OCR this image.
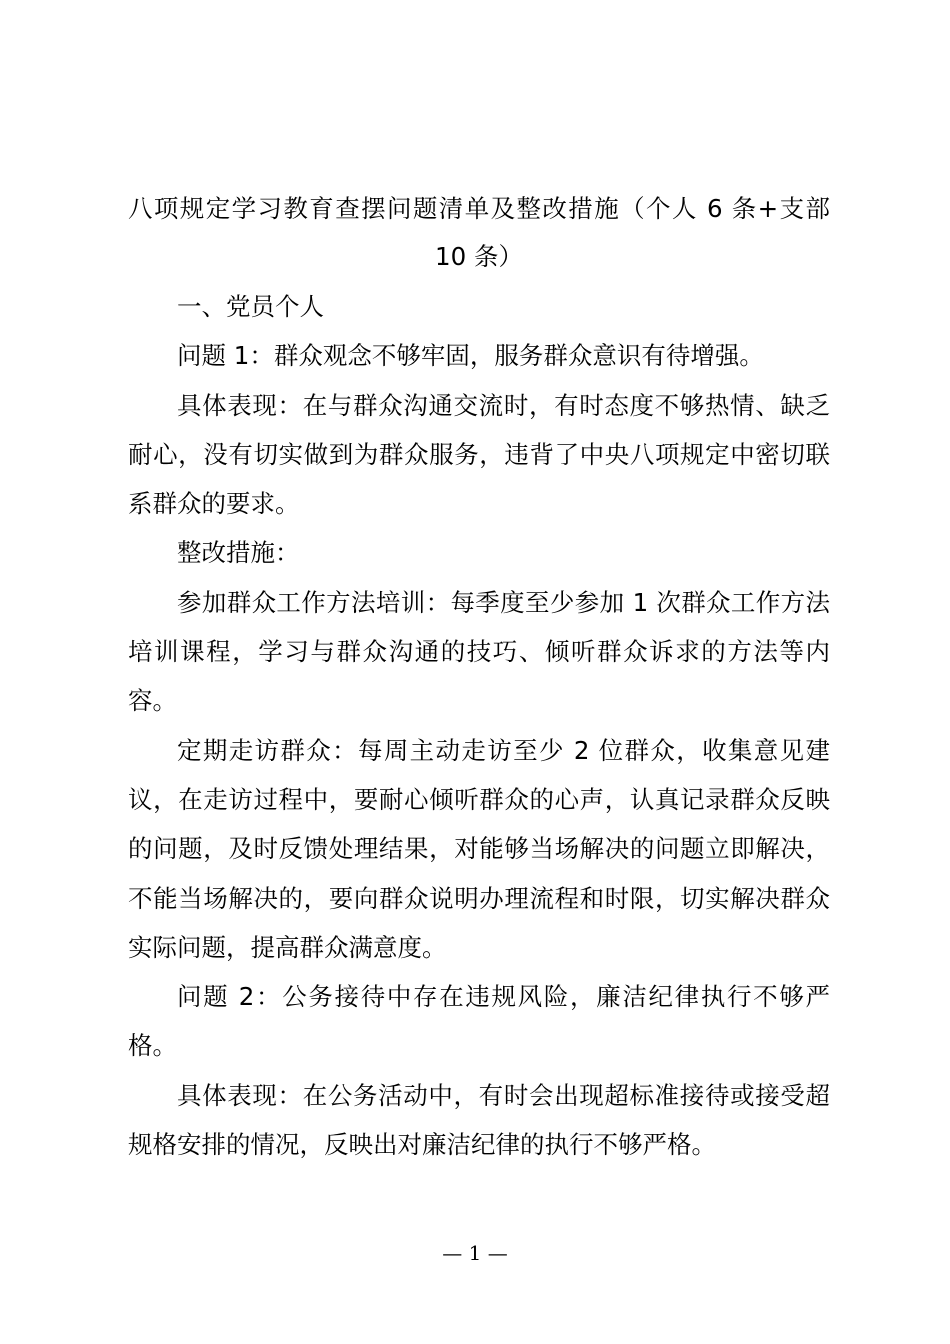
八项规定学习教育查摆问题清单及整改措施（个人 6 条+支部 10 条）

一、党员个人

问题 1：群众观念不够牢固，服务群众意识有待增强。

具体表现：在与群众沟通交流时，有时态度不够热情、缺乏耐心，没有切实做到为群众服务，违背了中央八项规定中密切联系群众的要求。

整改措施：

参加群众工作方法培训：每季度至少参加 1 次群众工作方法培训课程，学习与群众沟通的技巧、倾听群众诉求的方法等内容。

定期走访群众：每周主动走访至少 2 位群众，收集意见建议，在走访过程中，要耐心倾听群众的心声，认真记录群众反映的问题，及时反馈处理结果，对能够当场解决的问题立即解决，不能当场解决的，要向群众说明办理流程和时限，切实解决群众实际问题，提高群众满意度。

问题 2：公务接待中存在违规风险，廉洁纪律执行不够严格。

具体表现：在公务活动中，有时会出现超标准接待或接受超规格安排的情况，反映出对廉洁纪律的执行不够严格。

— 1 —
